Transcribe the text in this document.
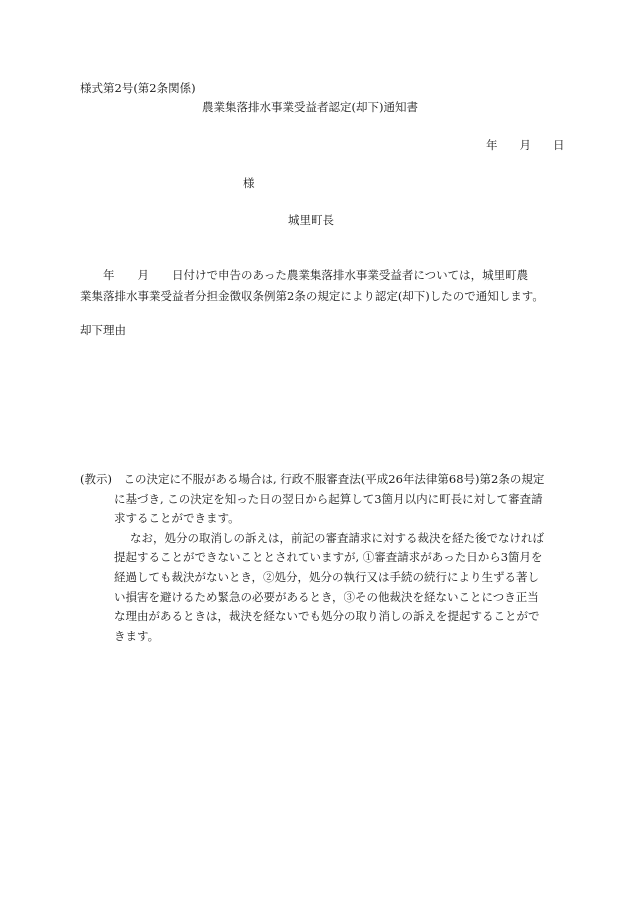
様式第2号(第2条関係)
農業集落排水事業受益者認定(却下)通知書
年 月 日
様
城里町長
　　年　　月　　日付けで申告のあった農業集落排水事業受益者については，城里町農
業集落排水事業受益者分担金徴収条例第2条の規定により認定(却下)したので通知します。
却下理由
(教示)　この決定に不服がある場合は, 行政不服審査法(平成26年法律第68号)第2条の規定
に基づき, この決定を知った日の翌日から起算して3箇月以内に町長に対して審査請
求することができます。
なお，処分の取消しの訴えは，前記の審査請求に対する裁決を経た後でなければ
提起することができないこととされていますが, ①審査請求があった日から3箇月を
経過しても裁決がないとき，②処分，処分の執行又は手続の続行により生ずる著し
い損害を避けるため緊急の必要があるとき，③その他裁決を経ないことにつき正当
な理由があるときは，裁決を経ないでも処分の取り消しの訴えを提起することがで
きます。
